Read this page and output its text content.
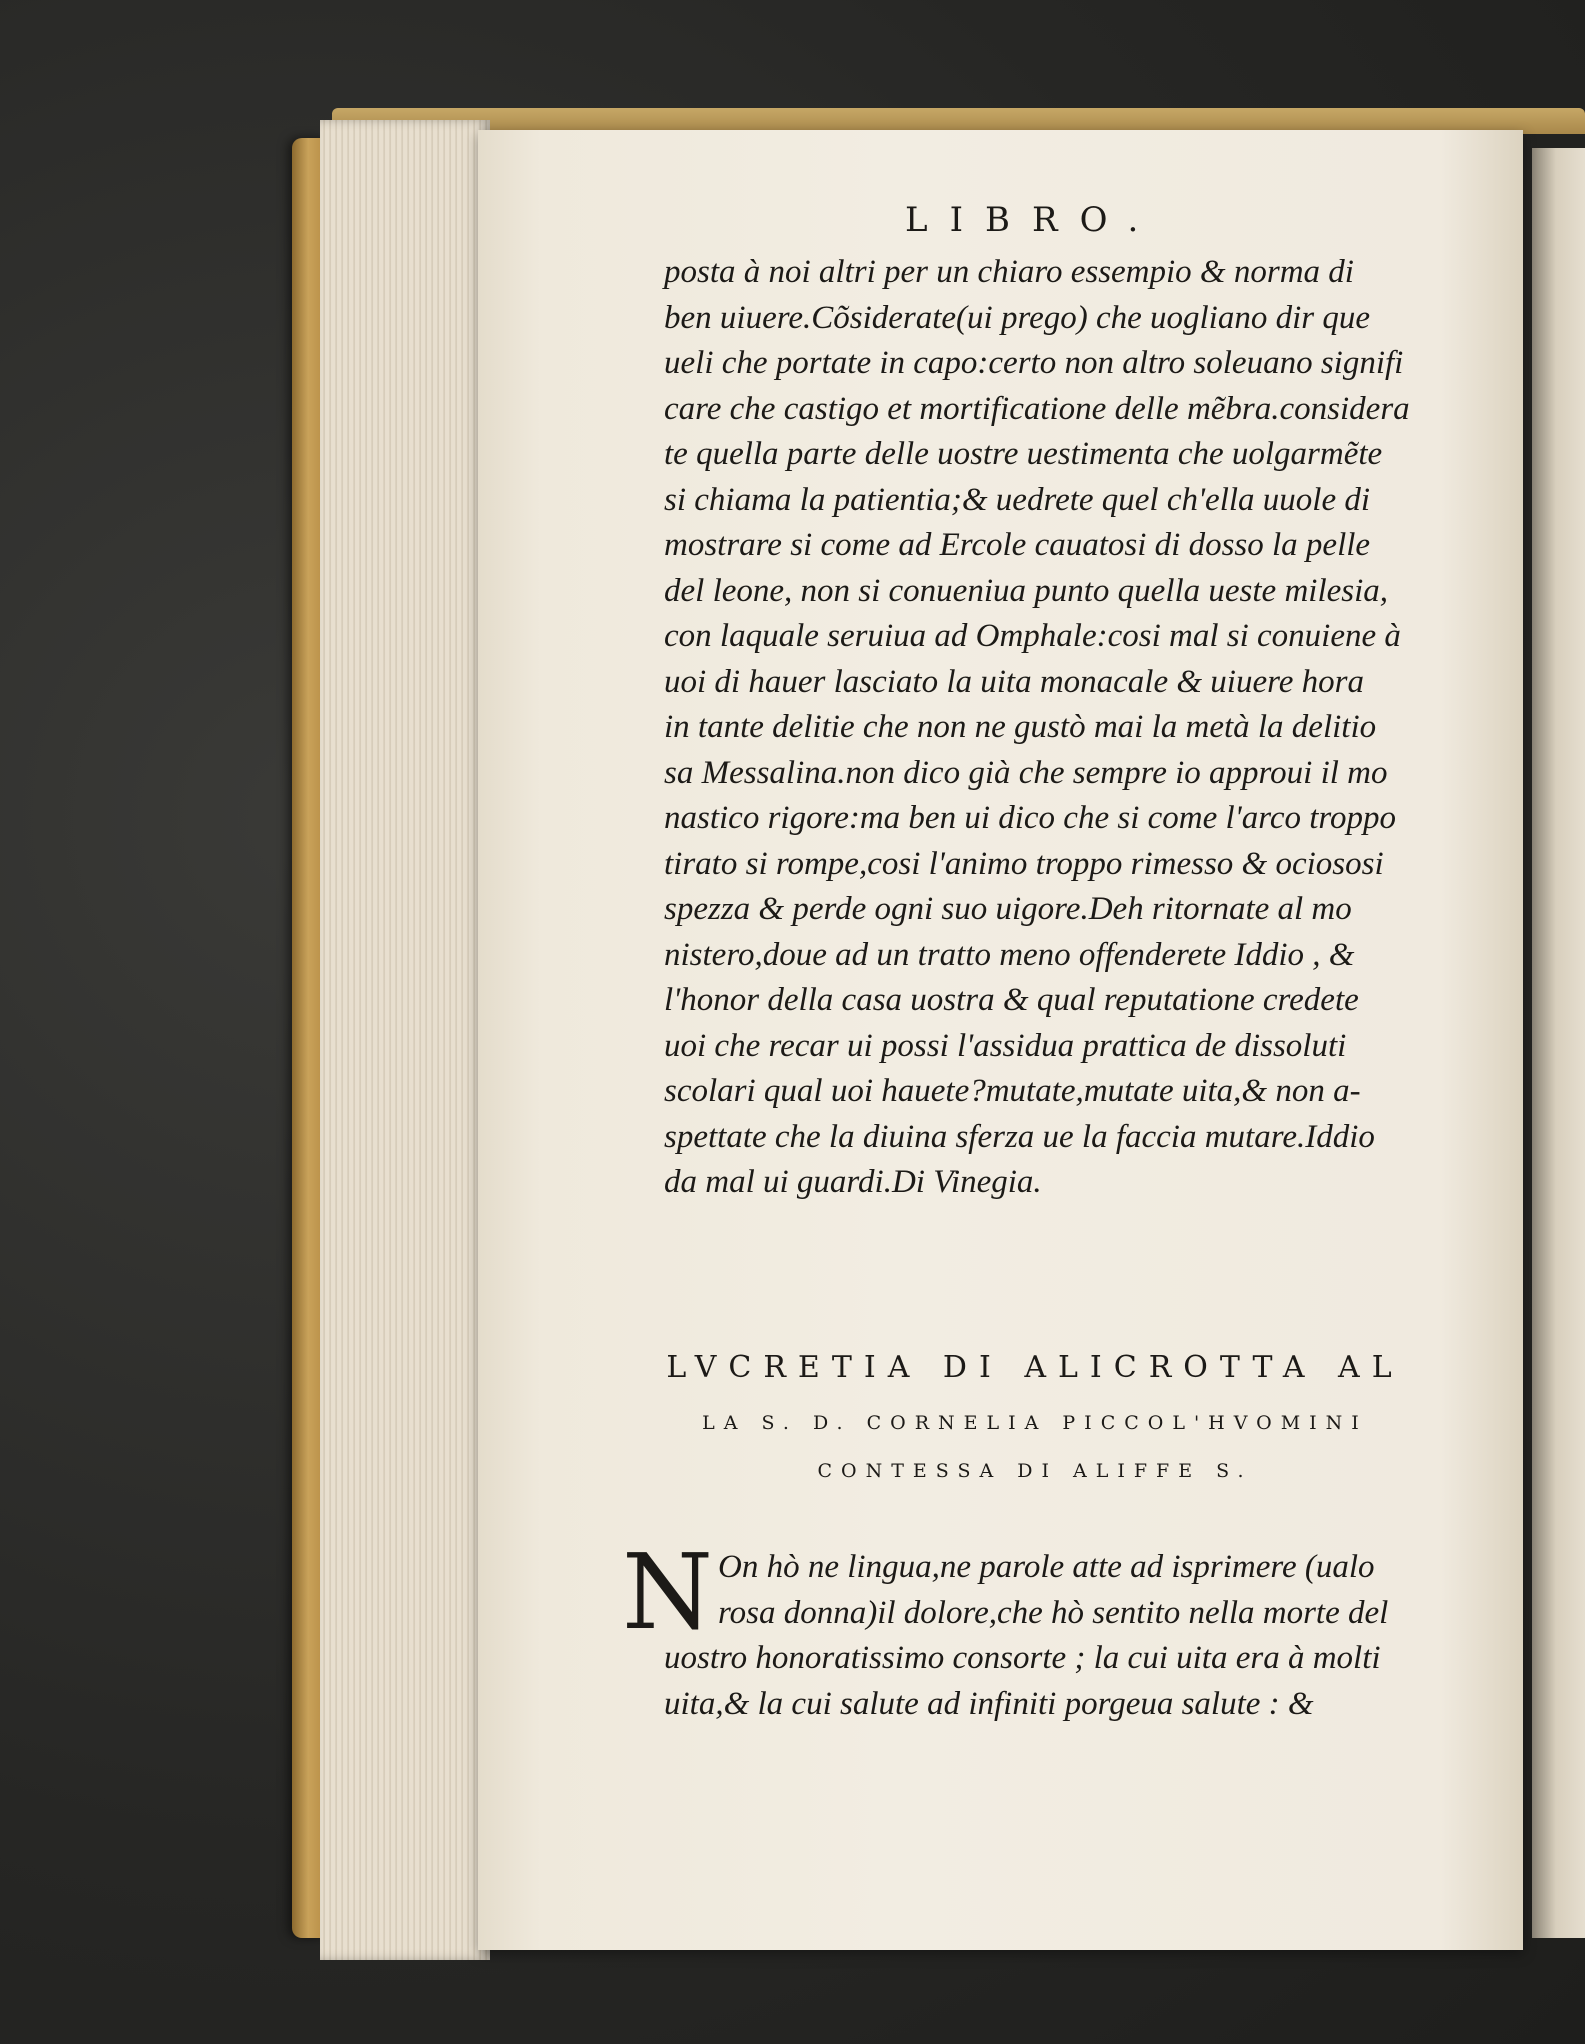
LIBRO.
posta à noi altri per un chiaro essempio & norma di
ben uiuere.Cõsiderate(ui prego) che uogliano dir que
ueli che portate in capo:certo non altro soleuano signifi
care che castigo et mortificatione delle mẽbra.considera
te quella parte delle uostre uestimenta che uolgarmẽte
si chiama la patientia;& uedrete quel ch'ella uuole di
mostrare si come ad Ercole cauatosi di dosso la pelle
del leone, non si conueniua punto quella ueste milesia,
con laquale seruiua ad Omphale:cosi mal si conuiene à
uoi di hauer lasciato la uita monacale & uiuere hora
in tante delitie che non ne gustò mai la metà la delitio
sa Messalina.non dico già che sempre io approui il mo
nastico rigore:ma ben ui dico che si come l'arco troppo
tirato si rompe,cosi l'animo troppo rimesso & ociososi
spezza & perde ogni suo uigore.Deh ritornate al mo
nistero,doue ad un tratto meno offenderete Iddio , &
l'honor della casa uostra & qual reputatione credete
uoi che recar ui possi l'assidua prattica de dissoluti
scolari qual uoi hauete?mutate,mutate uita,& non a-
spettate che la diuina sferza ue la faccia mutare.Iddio
da mal ui guardi.Di Vinegia.
LVCRETIA DI ALICROTTA AL
LA S. D. CORNELIA PICCOL'HVOMINI
CONTESSA DI ALIFFE S.
N On hò ne lingua,ne parole atte ad isprimere (ualo
rosa donna)il dolore,che hò sentito nella morte del
uostro honoratissimo consorte ; la cui uita era à molti
uita,& la cui salute ad infiniti porgeua salute : &
